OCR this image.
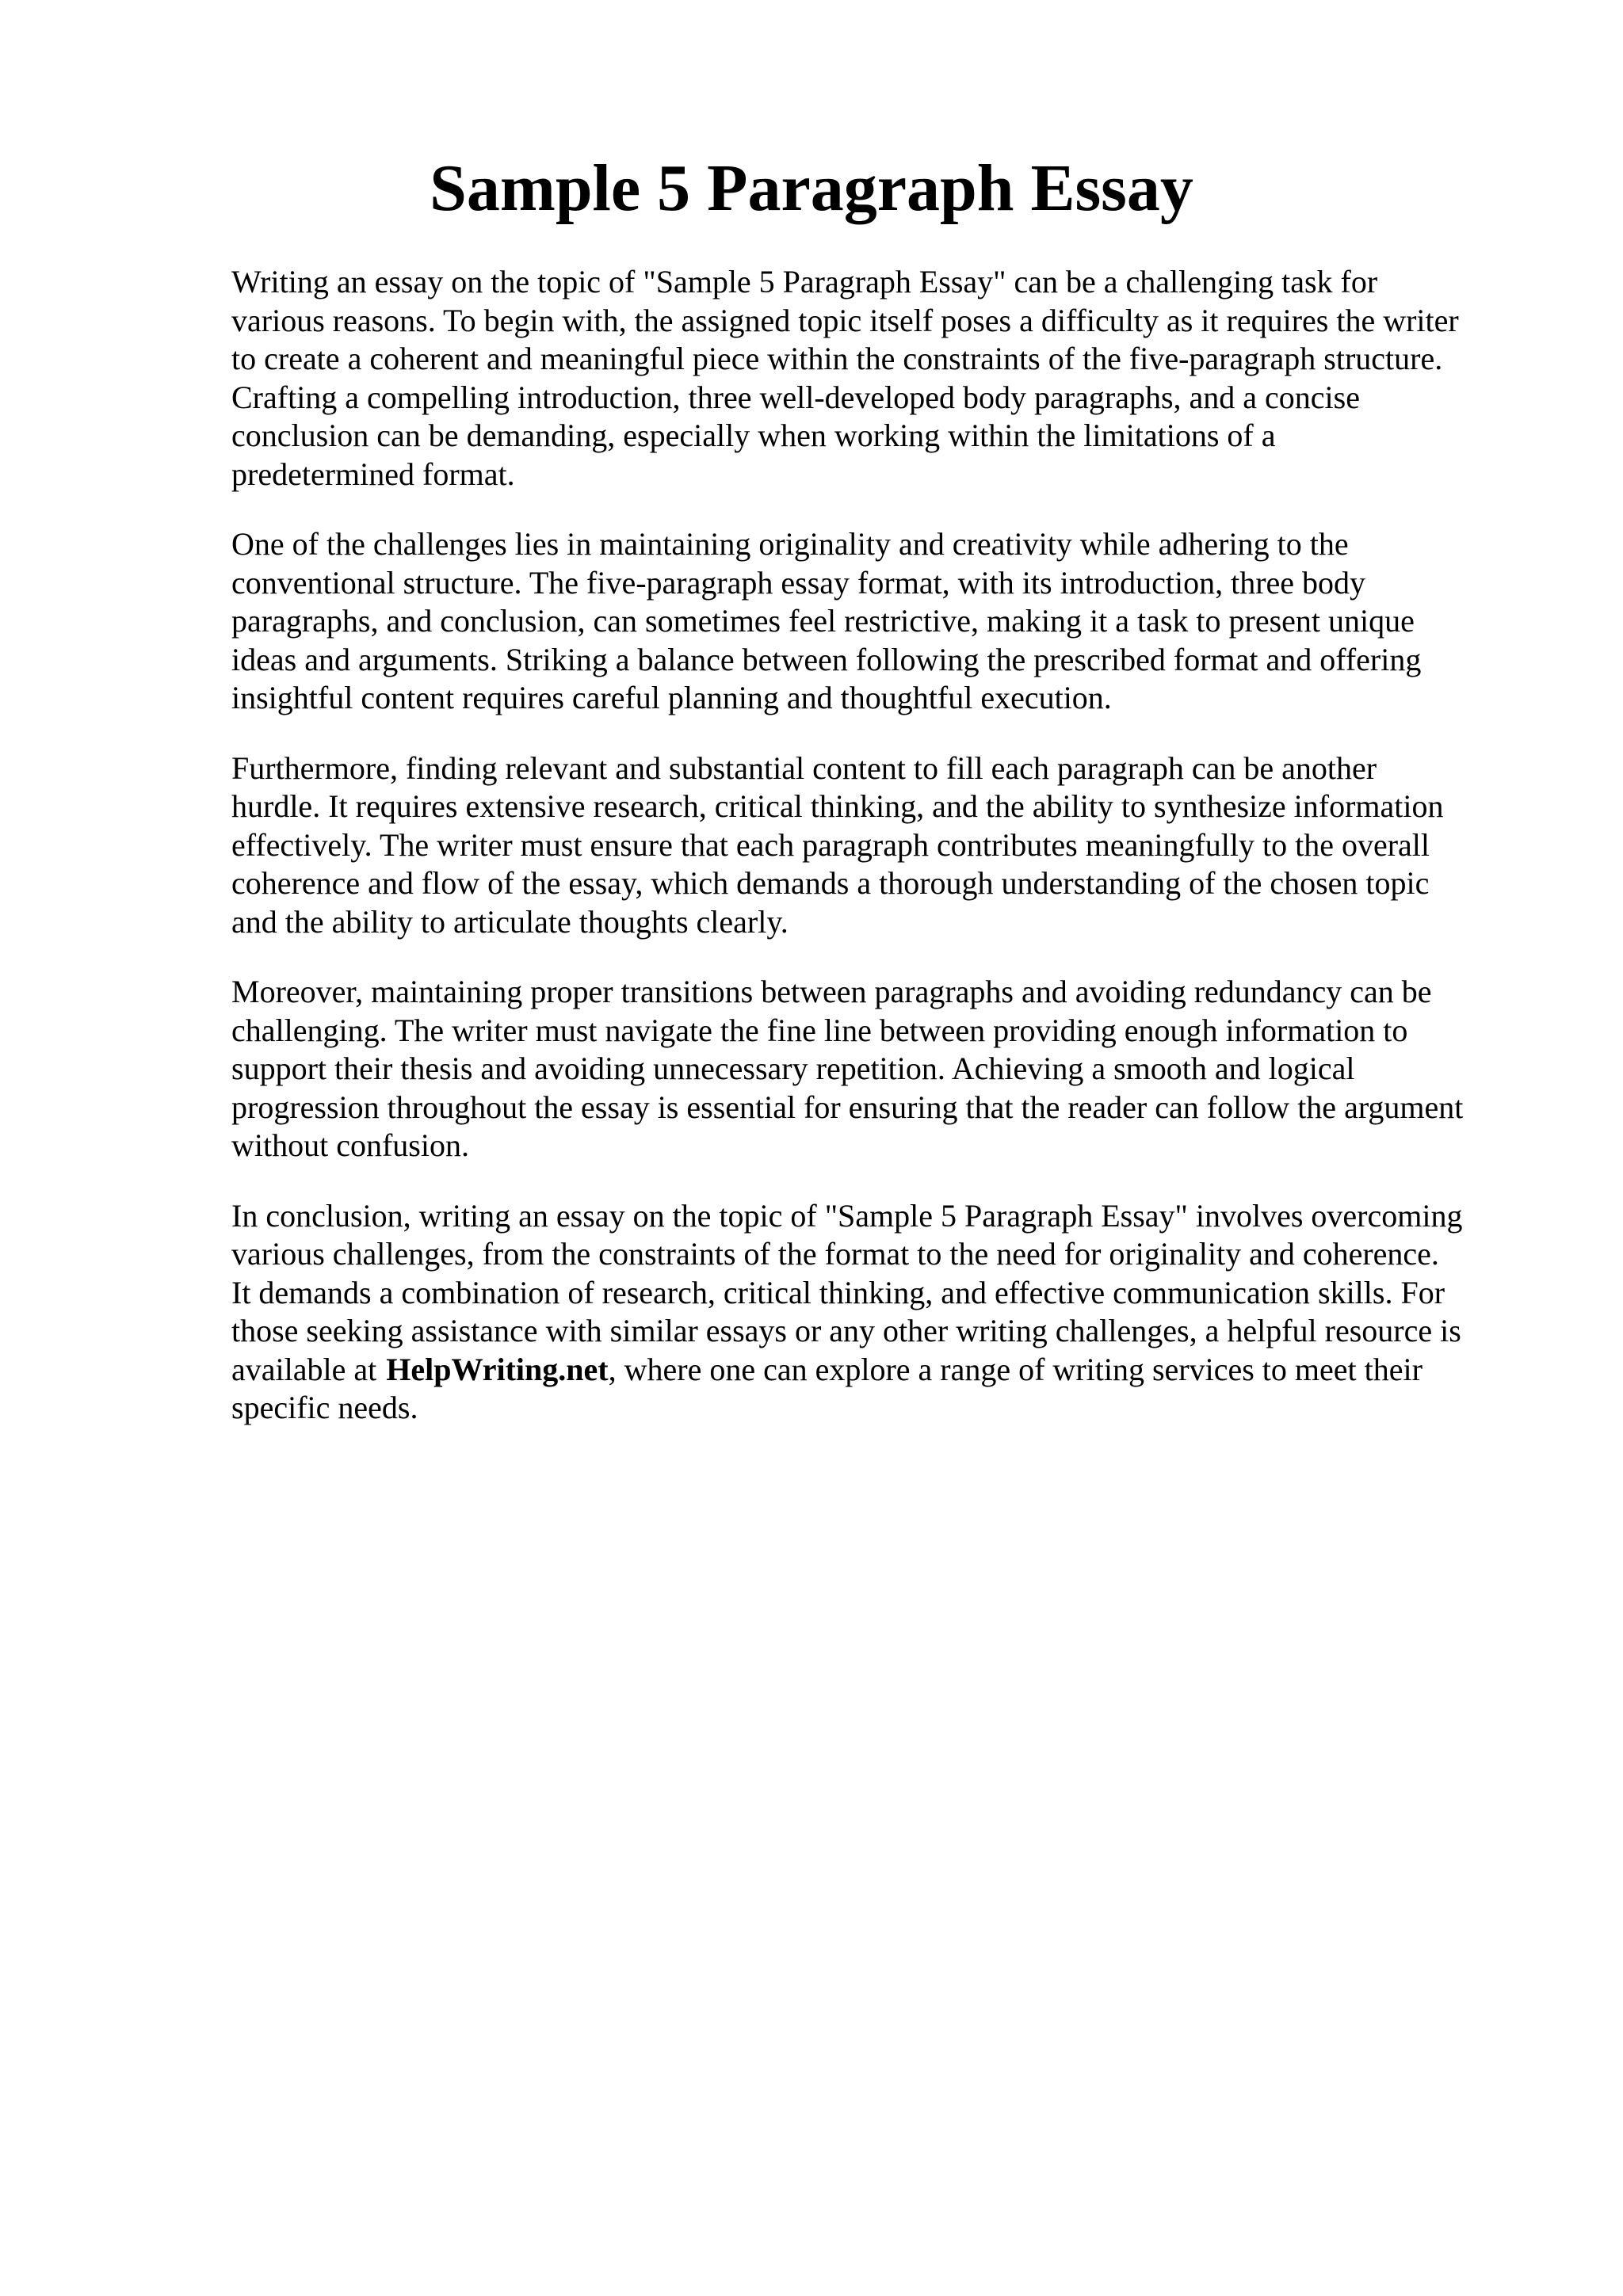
Sample 5 Paragraph Essay

Writing an essay on the topic of "Sample 5 Paragraph Essay" can be a challenging task for
various reasons. To begin with, the assigned topic itself poses a difficulty as it requires the writer
to create a coherent and meaningful piece within the constraints of the five-paragraph structure.
Crafting a compelling introduction, three well-developed body paragraphs, and a concise
conclusion can be demanding, especially when working within the limitations of a
predetermined format.

One of the challenges lies in maintaining originality and creativity while adhering to the
conventional structure. The five-paragraph essay format, with its introduction, three body
paragraphs, and conclusion, can sometimes feel restrictive, making it a task to present unique
ideas and arguments. Striking a balance between following the prescribed format and offering
insightful content requires careful planning and thoughtful execution.

Furthermore, finding relevant and substantial content to fill each paragraph can be another
hurdle. It requires extensive research, critical thinking, and the ability to synthesize information
effectively. The writer must ensure that each paragraph contributes meaningfully to the overall
coherence and flow of the essay, which demands a thorough understanding of the chosen topic
and the ability to articulate thoughts clearly.

Moreover, maintaining proper transitions between paragraphs and avoiding redundancy can be
challenging. The writer must navigate the fine line between providing enough information to
support their thesis and avoiding unnecessary repetition. Achieving a smooth and logical
progression throughout the essay is essential for ensuring that the reader can follow the argument
without confusion.

In conclusion, writing an essay on the topic of "Sample 5 Paragraph Essay" involves overcoming
various challenges, from the constraints of the format to the need for originality and coherence.
It demands a combination of research, critical thinking, and effective communication skills. For
those seeking assistance with similar essays or any other writing challenges, a helpful resource is
available at HelpWriting.net, where one can explore a range of writing services to meet their
specific needs.
